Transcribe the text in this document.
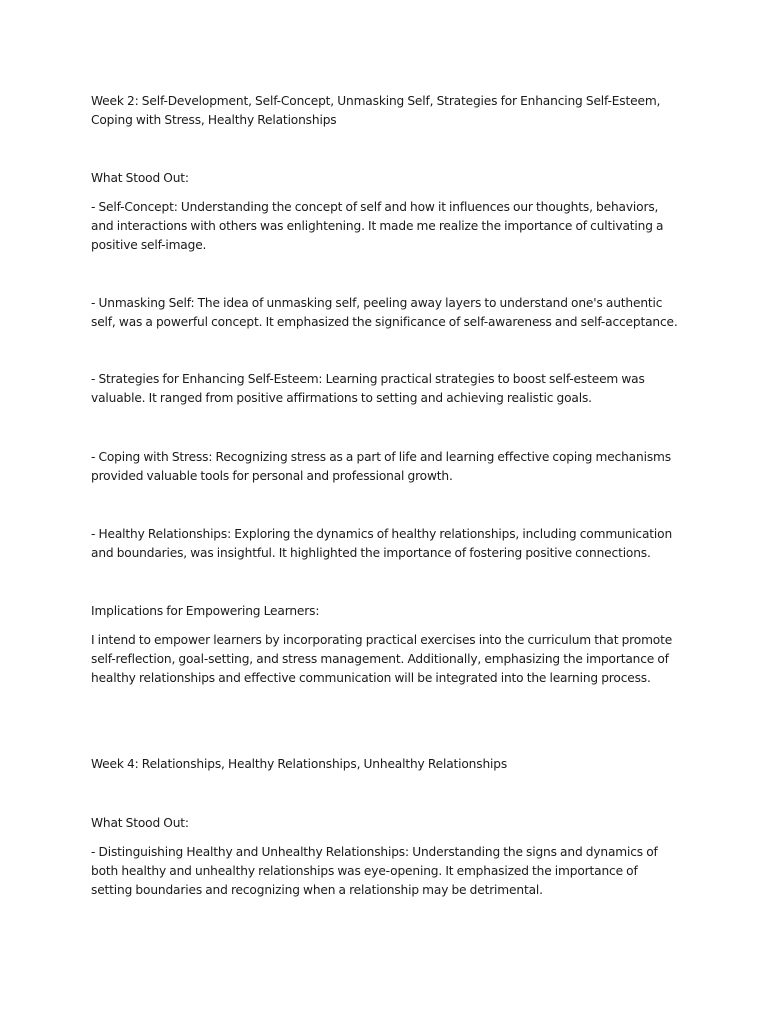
Week 2: Self-Development, Self-Concept, Unmasking Self, Strategies for Enhancing Self-Esteem, Coping with Stress, Healthy Relationships

What Stood Out:

- Self-Concept: Understanding the concept of self and how it influences our thoughts, behaviors, and interactions with others was enlightening. It made me realize the importance of cultivating a positive self-image.

- Unmasking Self: The idea of unmasking self, peeling away layers to understand one's authentic self, was a powerful concept. It emphasized the significance of self-awareness and self-acceptance.

- Strategies for Enhancing Self-Esteem: Learning practical strategies to boost self-esteem was valuable. It ranged from positive affirmations to setting and achieving realistic goals.

- Coping with Stress: Recognizing stress as a part of life and learning effective coping mechanisms provided valuable tools for personal and professional growth.

- Healthy Relationships: Exploring the dynamics of healthy relationships, including communication and boundaries, was insightful. It highlighted the importance of fostering positive connections.

Implications for Empowering Learners:

I intend to empower learners by incorporating practical exercises into the curriculum that promote self-reflection, goal-setting, and stress management. Additionally, emphasizing the importance of healthy relationships and effective communication will be integrated into the learning process.

Week 4: Relationships, Healthy Relationships, Unhealthy Relationships

What Stood Out:

- Distinguishing Healthy and Unhealthy Relationships: Understanding the signs and dynamics of both healthy and unhealthy relationships was eye-opening. It emphasized the importance of setting boundaries and recognizing when a relationship may be detrimental.
